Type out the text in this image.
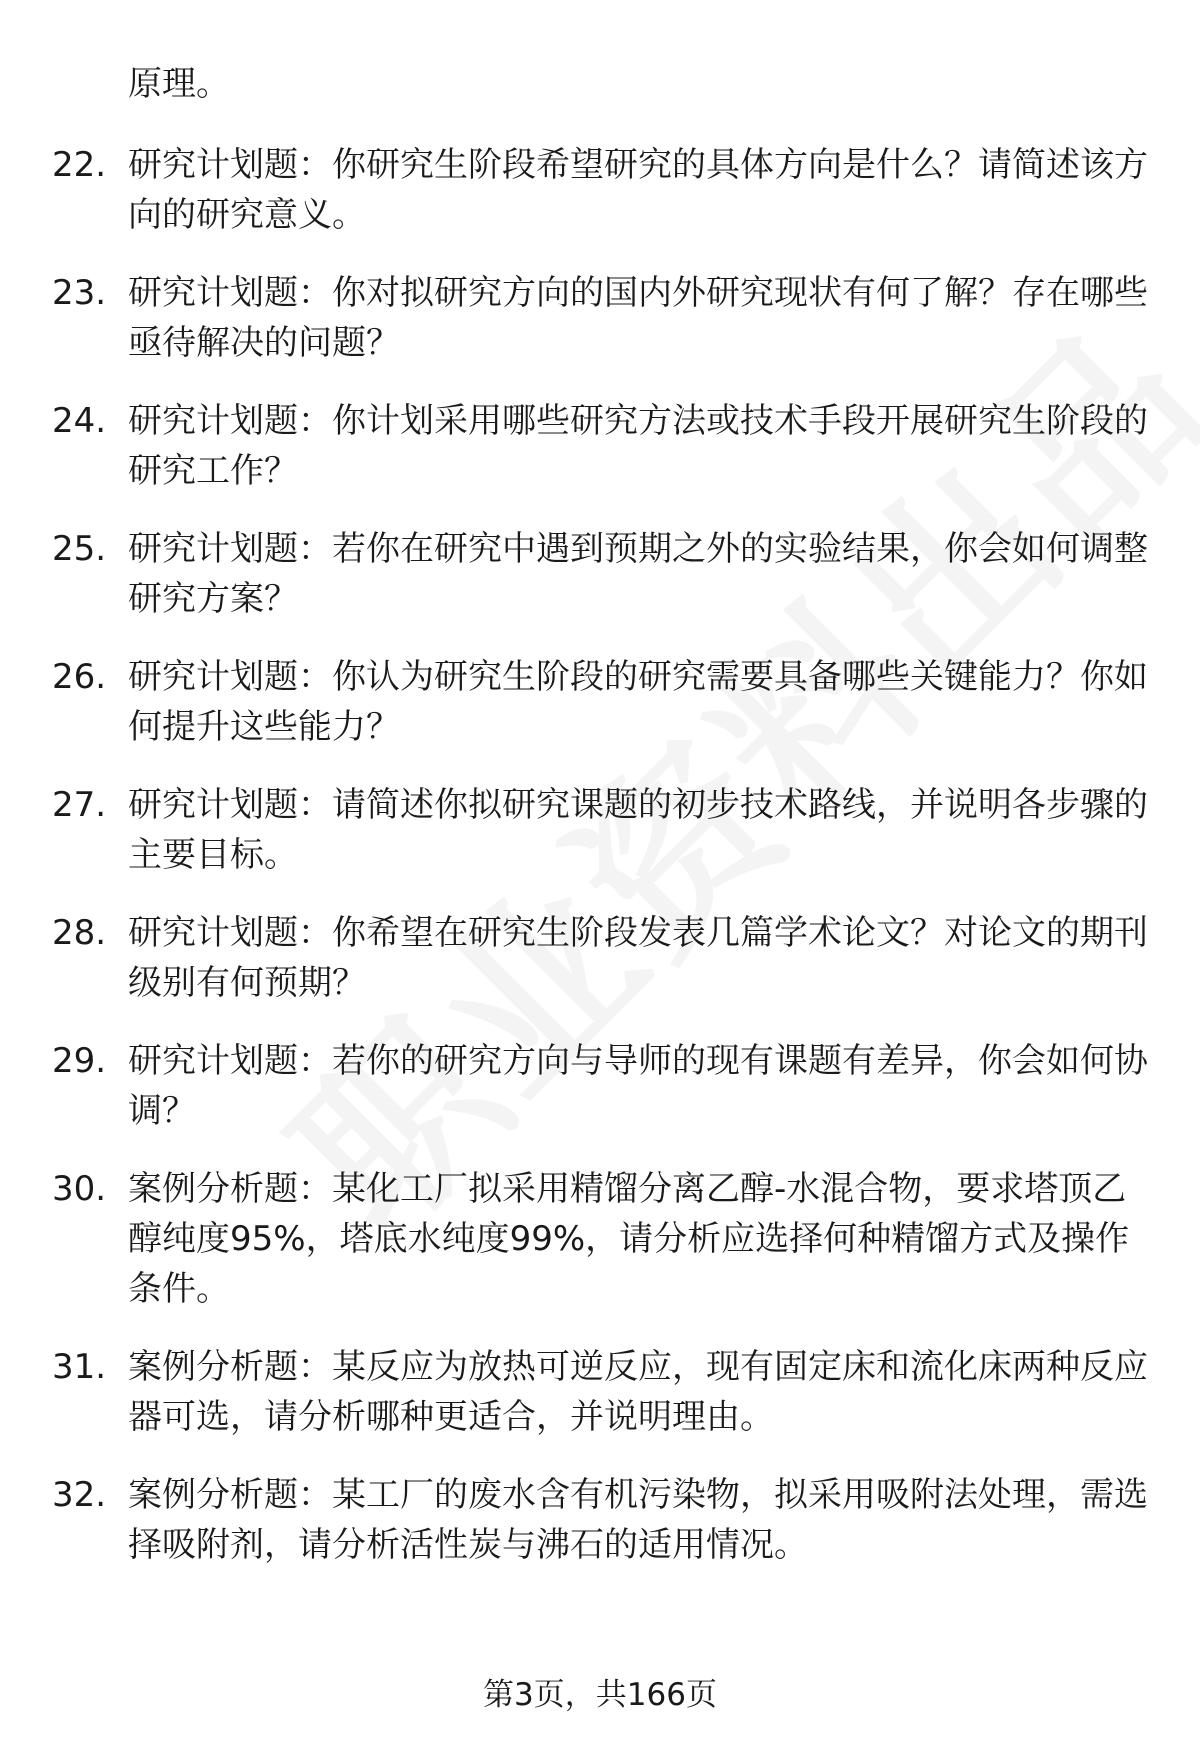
原理。
22. 研究计划题：你研究生阶段希望研究的具体方向是什么？请简述该方向的研究意义。
23. 研究计划题：你对拟研究方向的国内外研究现状有何了解？存在哪些亟待解决的问题？
24. 研究计划题：你计划采用哪些研究方法或技术手段开展研究生阶段的研究工作？
25. 研究计划题：若你在研究中遇到预期之外的实验结果，你会如何调整研究方案？
26. 研究计划题：你认为研究生阶段的研究需要具备哪些关键能力？你如何提升这些能力？
27. 研究计划题：请简述你拟研究课题的初步技术路线，并说明各步骤的主要目标。
28. 研究计划题：你希望在研究生阶段发表几篇学术论文？对论文的期刊级别有何预期？
29. 研究计划题：若你的研究方向与导师的现有课题有差异，你会如何协调？
30. 案例分析题：某化工厂拟采用精馏分离乙醇-水混合物，要求塔顶乙醇纯度95%，塔底水纯度99%，请分析应选择何种精馏方式及操作条件。
31. 案例分析题：某反应为放热可逆反应，现有固定床和流化床两种反应器可选，请分析哪种更适合，并说明理由。
32. 案例分析题：某工厂的废水含有机污染物，拟采用吸附法处理，需选择吸附剂，请分析活性炭与沸石的适用情况。
第3页，共166页
